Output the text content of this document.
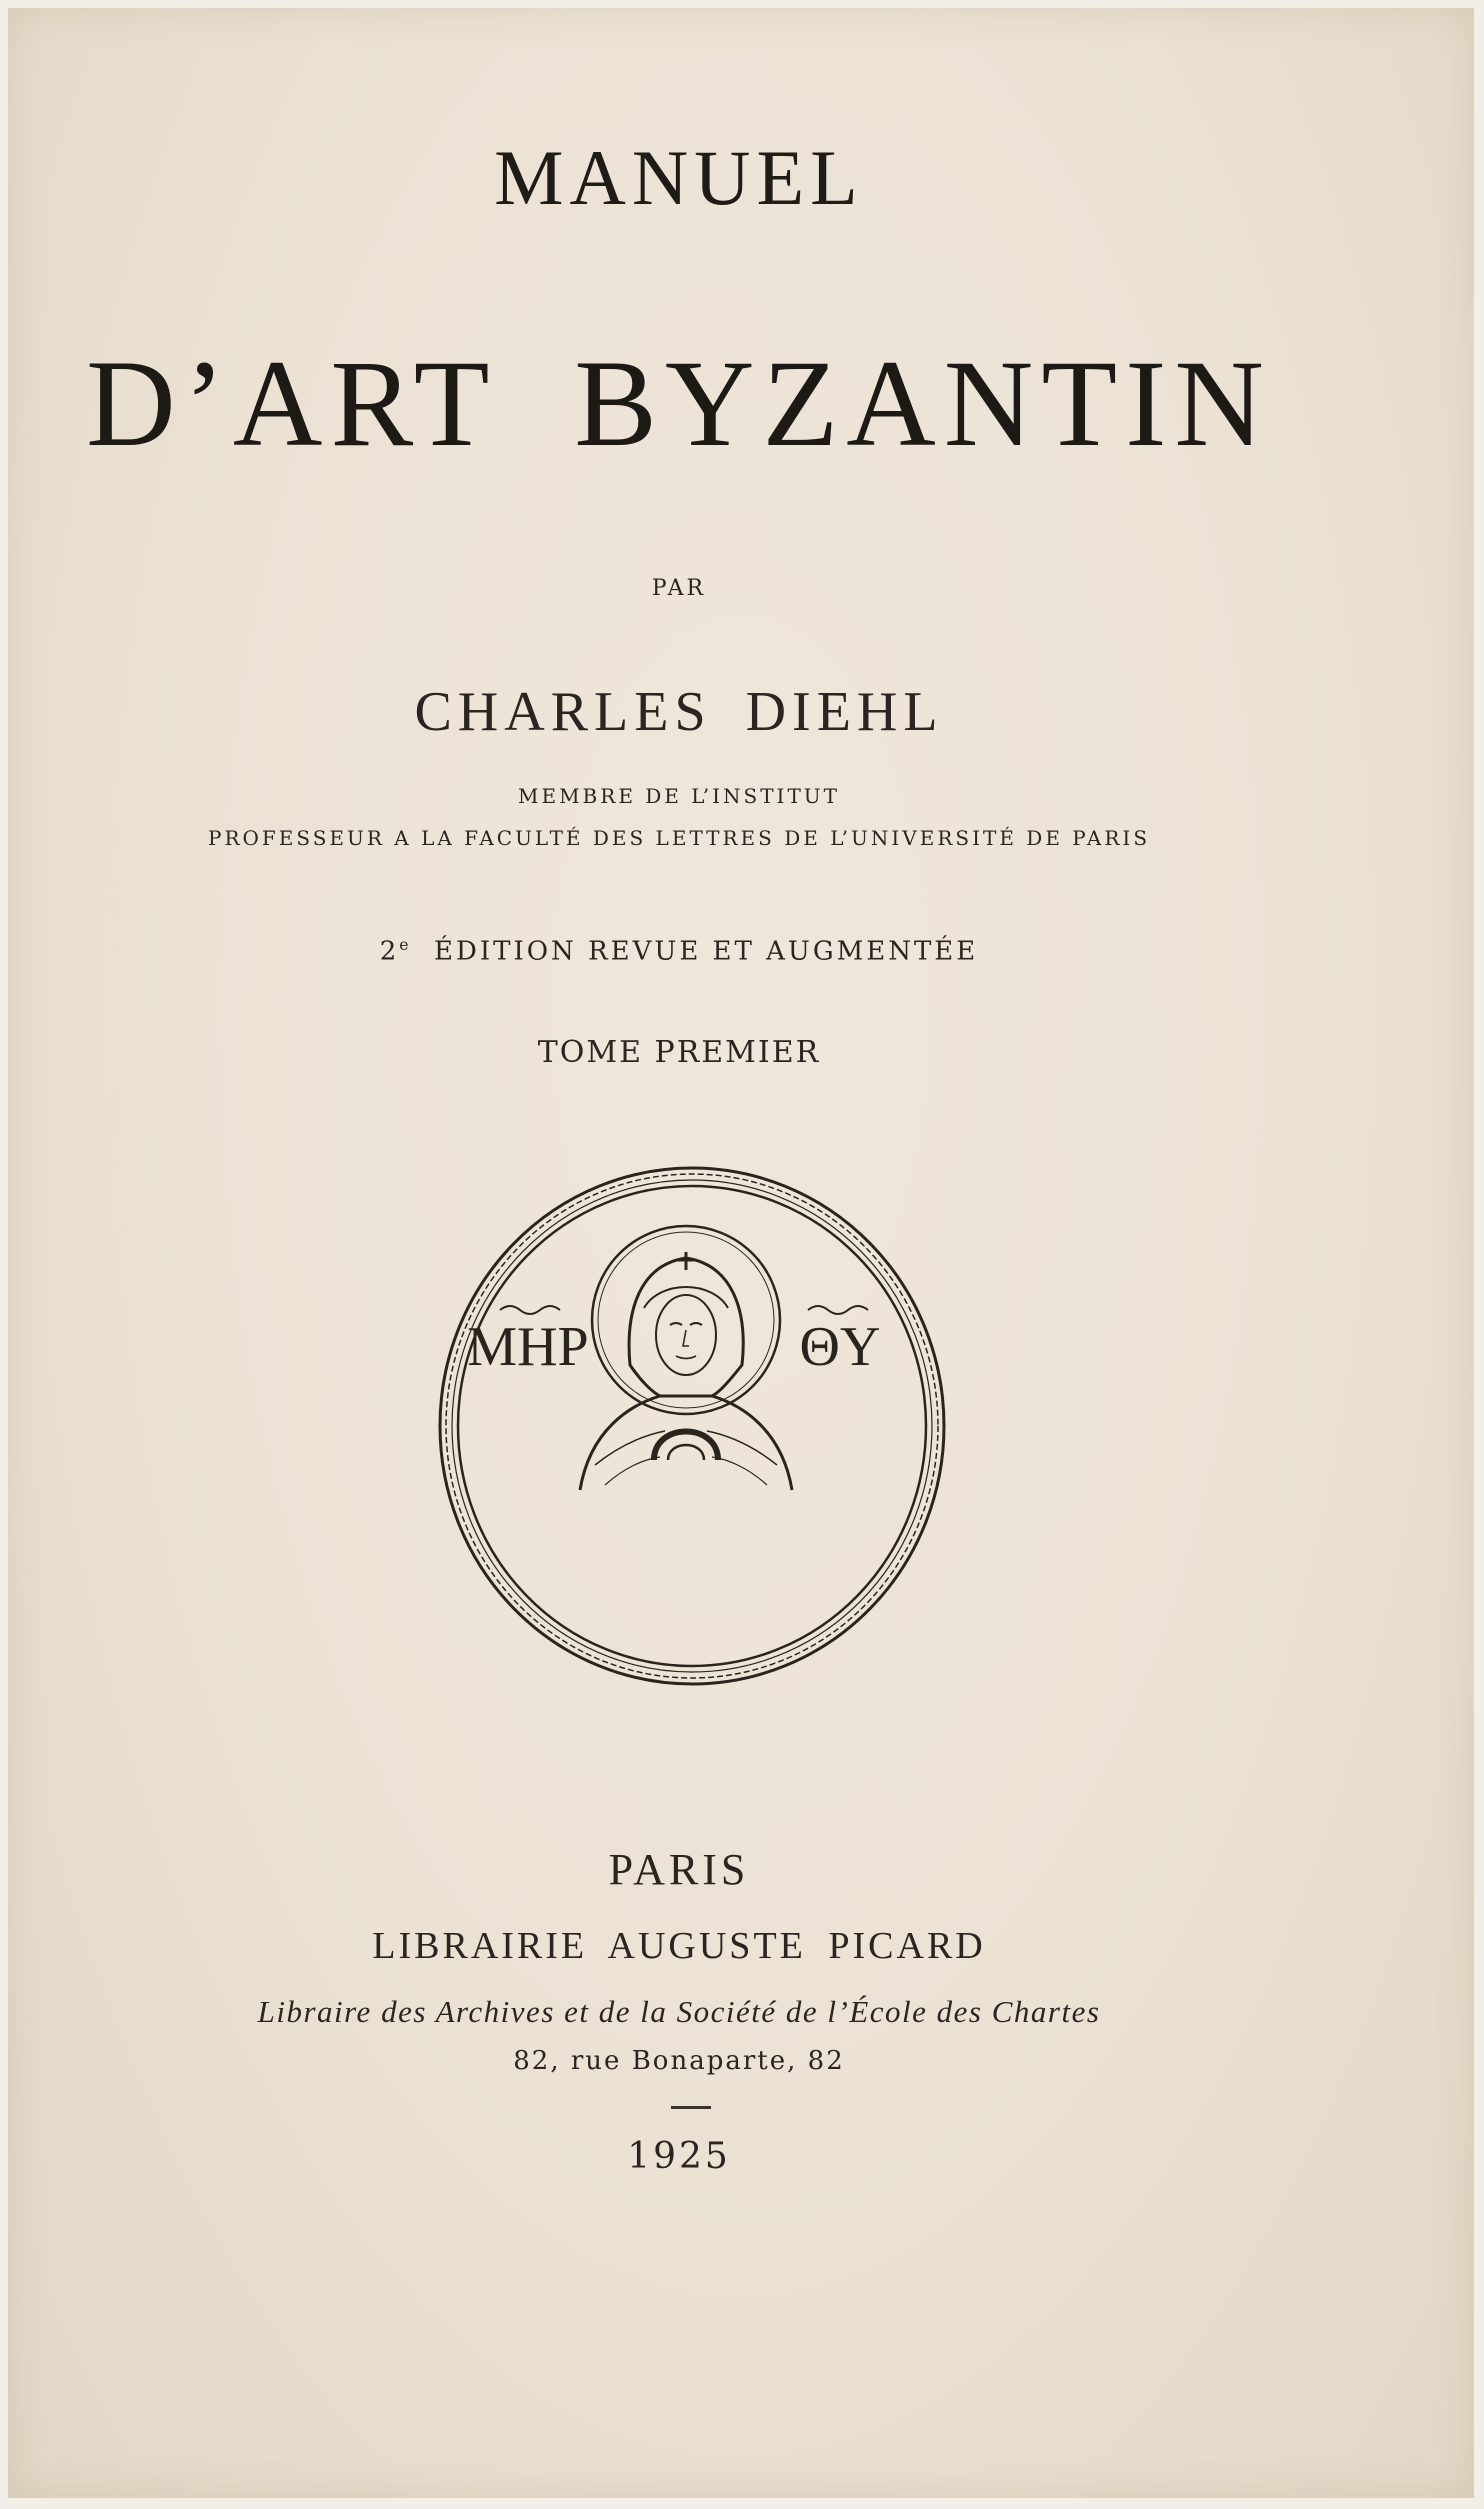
MANUEL
D’ART BYZANTIN
PAR
CHARLES DIEHL
MEMBRE DE L’INSTITUT
PROFESSEUR A LA FACULTÉ DES LETTRES DE L’UNIVERSITÉ DE PARIS
2e ÉDITION REVUE ET AUGMENTÉE
TOME PREMIER
MHP	ΘY
PARIS
LIBRAIRIE AUGUSTE PICARD
Libraire des Archives et de la Société de l’École des Chartes
82, rue Bonaparte, 82
1925
